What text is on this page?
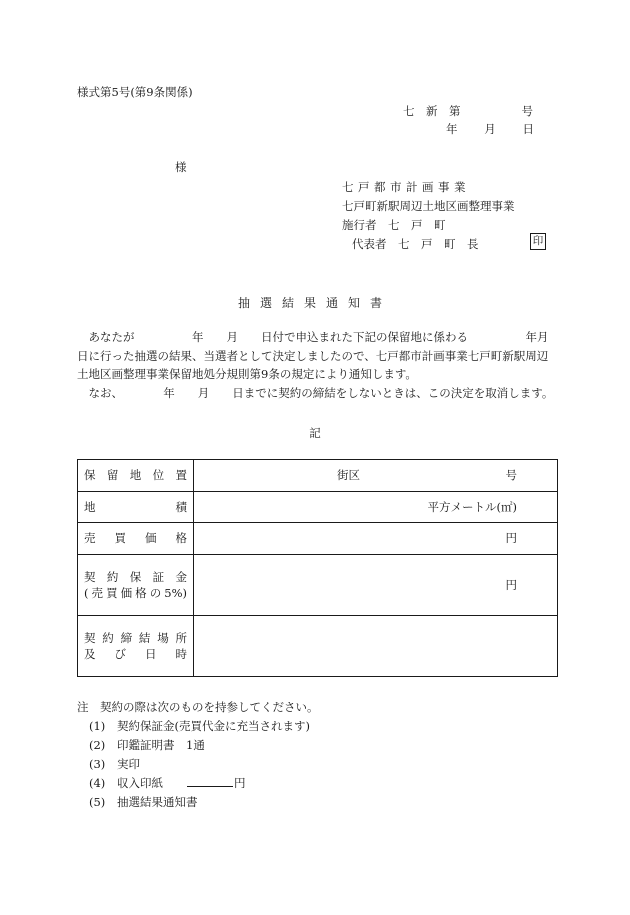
様式第5号(第9条関係)
七　新　第	号
年 月 日
様
七戸都市計画事業
七戸町新駅周辺土地区画整理事業
施行者　七　戸　町
代表者　七　戸　町　長	印
抽選結果通知書

あなたが　　　　　年　　月　　日付で申込まれた下記の保留地に係わる　　　　　年月　　日に行った抽選の結果、当選者として決定しましたので、七戸都市計画事業七戸町新駅周辺土地区画整理事業保留地処分規則第9条の規定により通知します。

なお、　　　　年　　月　　日までに契約の締結をしないときは、この決定を取消します。

記
保留地位置	街区 号

地積	平方メートル(㎡)

売買価格	円

契約保証金
(売買価格の5%)	円

契約締結場所
及び日時	

注　契約の際は次のものを持参してください。
(1)	契約保証金(売買代金に充当されます)
(2)	印鑑証明書　1通
(3)	実印
(4)	収入印紙	円
(5)	抽選結果通知書
